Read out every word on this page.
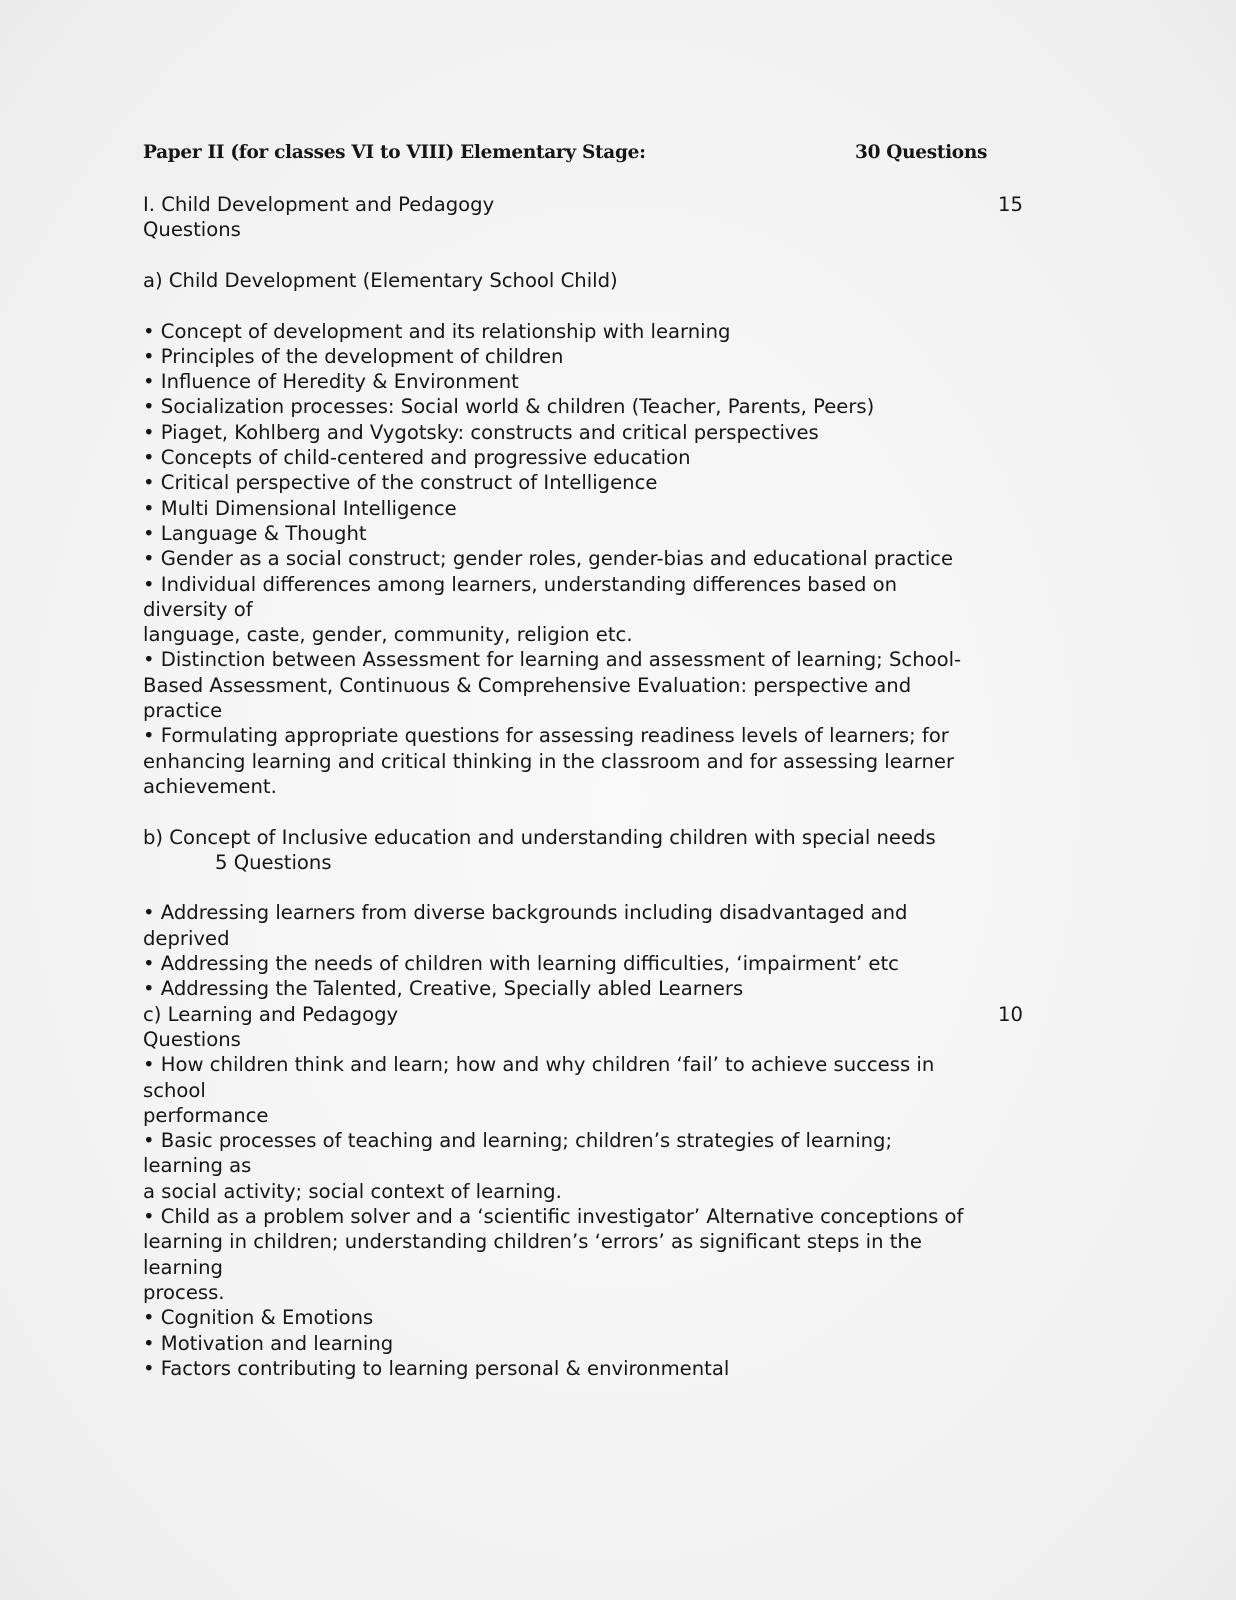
Paper II (for classes VI to VIII) Elementary Stage:	30 Questions
I. Child Development and Pedagogy	15
Questions
a) Child Development (Elementary School Child)
• Concept of development and its relationship with learning
• Principles of the development of children
• Influence of Heredity & Environment
• Socialization processes: Social world & children (Teacher, Parents, Peers)
• Piaget, Kohlberg and Vygotsky: constructs and critical perspectives
• Concepts of child-centered and progressive education
• Critical perspective of the construct of Intelligence
• Multi Dimensional Intelligence
• Language & Thought
• Gender as a social construct; gender roles, gender-bias and educational practice
• Individual differences among learners, understanding differences based on
diversity of
language, caste, gender, community, religion etc.
• Distinction between Assessment for learning and assessment of learning; School-
Based Assessment, Continuous & Comprehensive Evaluation: perspective and
practice
• Formulating appropriate questions for assessing readiness levels of learners; for
enhancing learning and critical thinking in the classroom and for assessing learner
achievement.
b) Concept of Inclusive education and understanding children with special needs
5 Questions
• Addressing learners from diverse backgrounds including disadvantaged and
deprived
• Addressing the needs of children with learning difficulties, ‘impairment’ etc
• Addressing the Talented, Creative, Specially abled Learners
c) Learning and Pedagogy	10
Questions
• How children think and learn; how and why children ‘fail’ to achieve success in
school
performance
• Basic processes of teaching and learning; children’s strategies of learning;
learning as
a social activity; social context of learning.
• Child as a problem solver and a ‘scientific investigator’ Alternative conceptions of
learning in children; understanding children’s ‘errors’ as significant steps in the
learning
process.
• Cognition & Emotions
• Motivation and learning
• Factors contributing to learning personal & environmental
